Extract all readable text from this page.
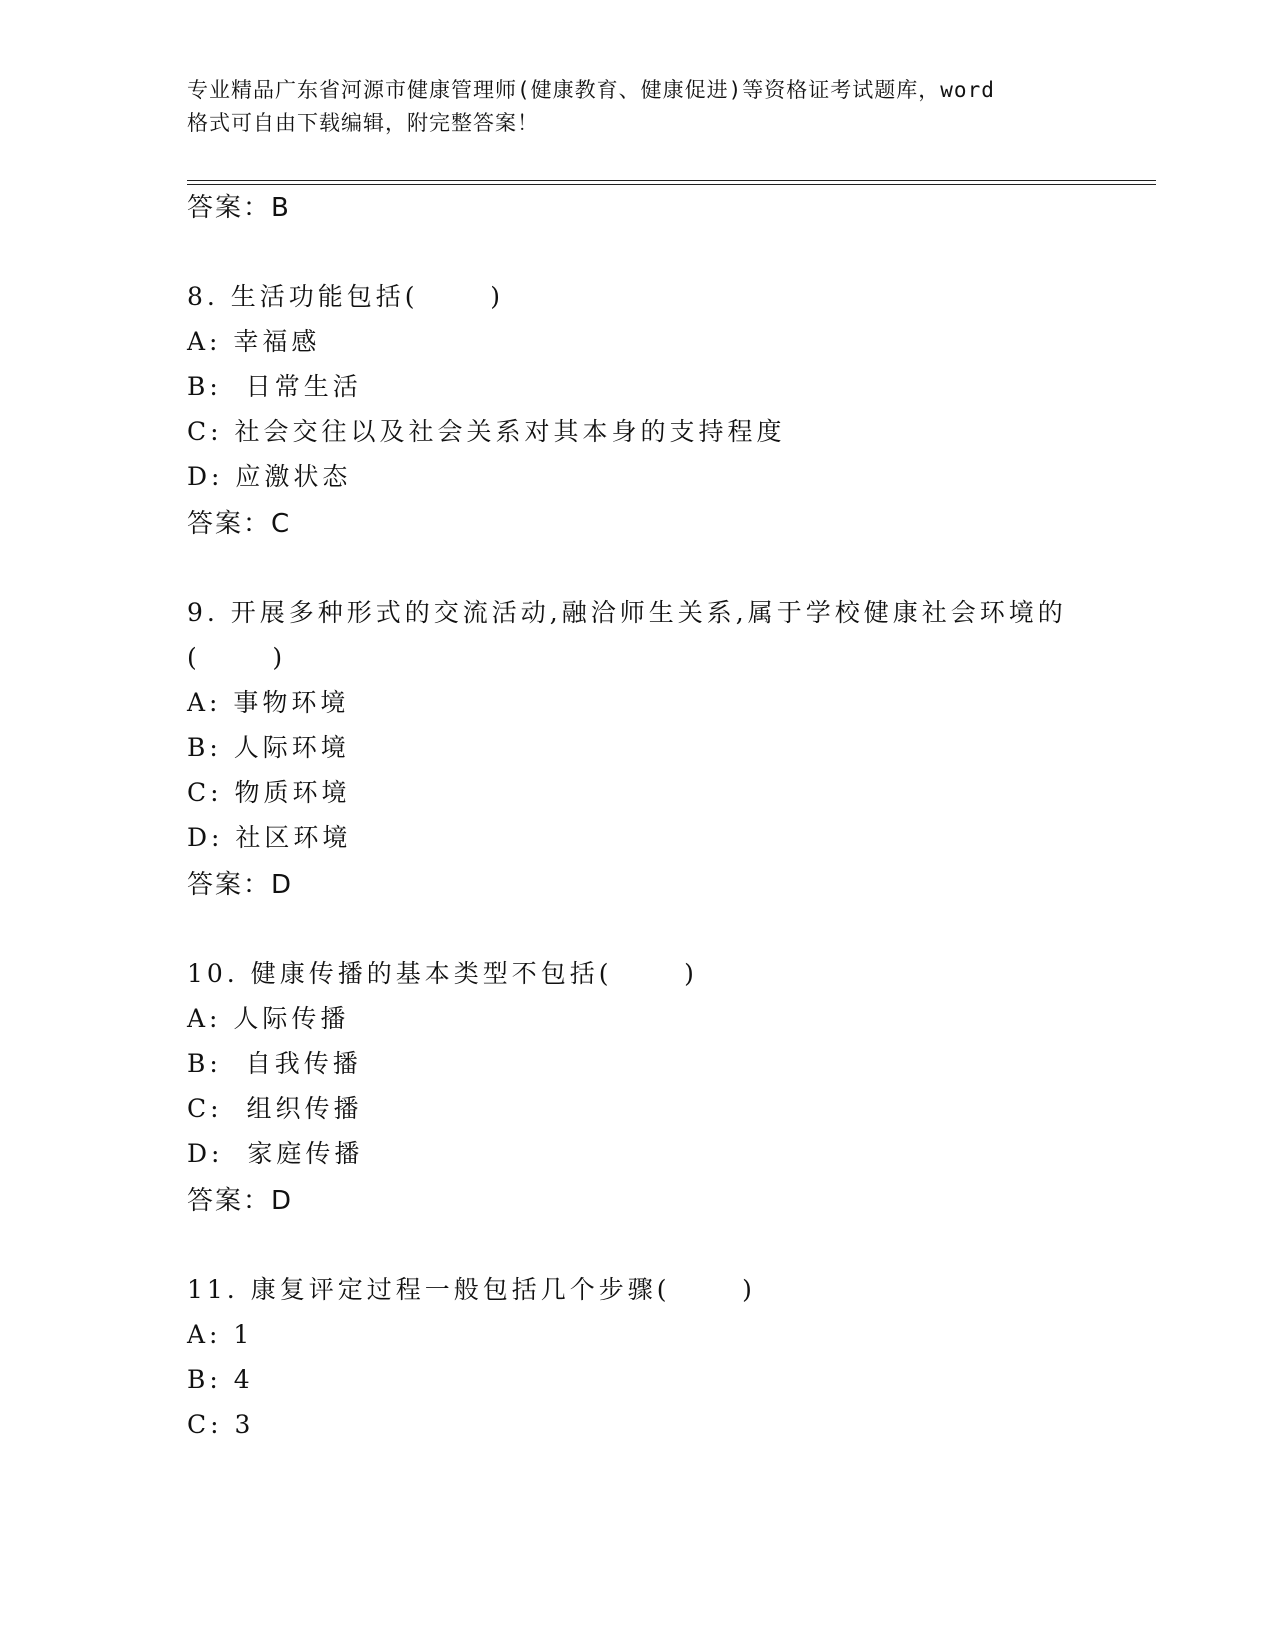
专业精品广东省河源市健康管理师(健康教育、健康促进)等资格证考试题库，word
格式可自由下载编辑，附完整答案！
答案：B
8. 生活功能包括(      )
A: 幸福感
B:  日常生活
C: 社会交往以及社会关系对其本身的支持程度
D: 应激状态
答案：C
9. 开展多种形式的交流活动,融洽师生关系,属于学校健康社会环境的
(      )
A: 事物环境
B: 人际环境
C: 物质环境
D: 社区环境
答案：D
10. 健康传播的基本类型不包括(      )
A: 人际传播
B:  自我传播
C:  组织传播
D:  家庭传播
答案：D
11. 康复评定过程一般包括几个步骤(      )
A: 1
B: 4
C: 3
